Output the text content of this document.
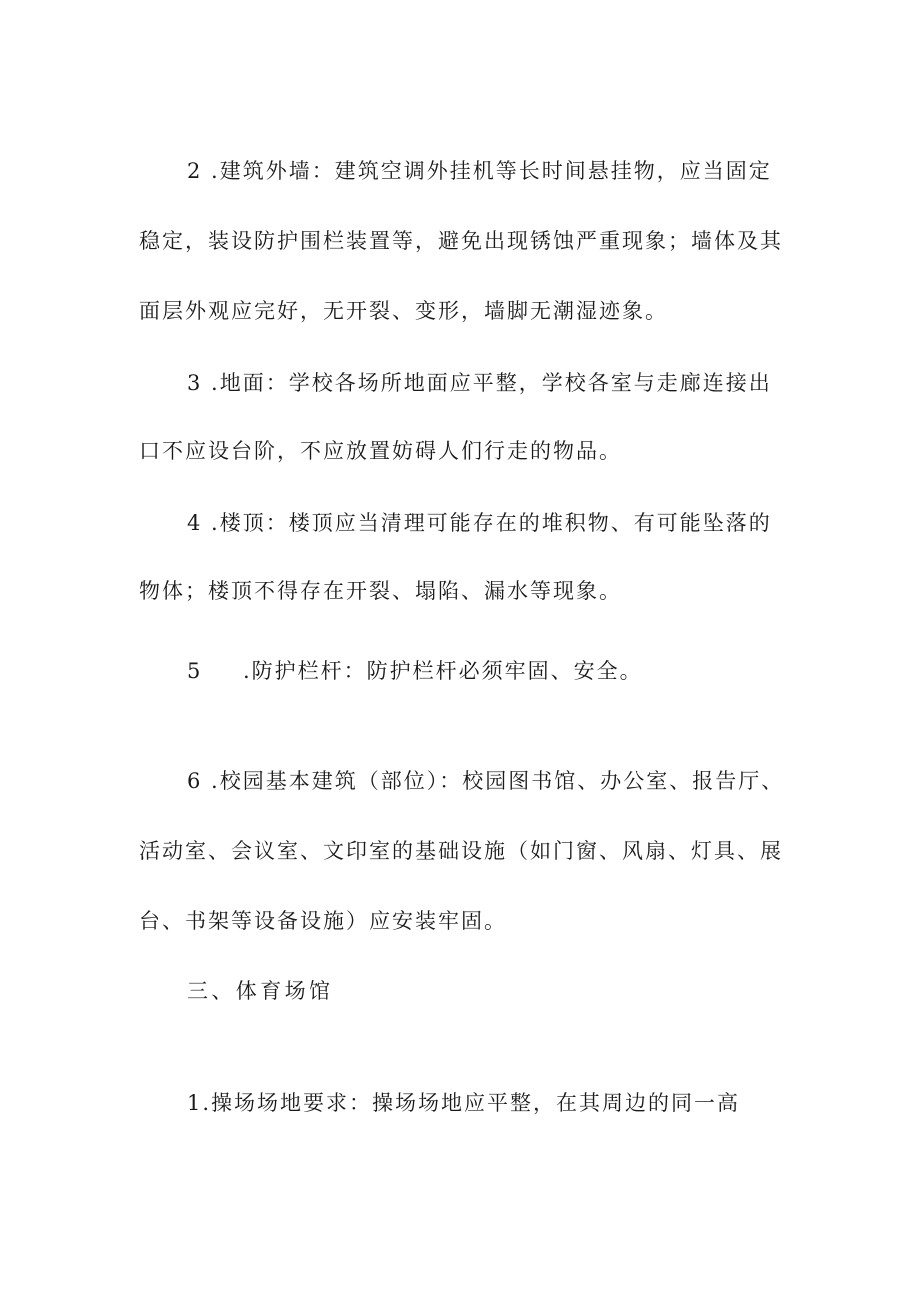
2 .建筑外墙：建筑空调外挂机等长时间悬挂物，应当固定
稳定，装设防护围栏装置等，避免出现锈蚀严重现象；墙体及其
面层外观应完好，无开裂、变形，墙脚无潮湿迹象。
3 .地面：学校各场所地面应平整，学校各室与走廊连接出
口不应设台阶，不应放置妨碍人们行走的物品。
4 .楼顶：楼顶应当清理可能存在的堆积物、有可能坠落的
物体；楼顶不得存在开裂、塌陷、漏水等现象。
5 .防护栏杆：防护栏杆必须牢固、安全。
6 .校园基本建筑（部位）：校园图书馆、办公室、报告厅、
活动室、会议室、文印室的基础设施（如门窗、风扇、灯具、展
台、书架等设备设施）应安装牢固。
三、体育场馆
1.操场场地要求：操场场地应平整，在其周边的同一高
